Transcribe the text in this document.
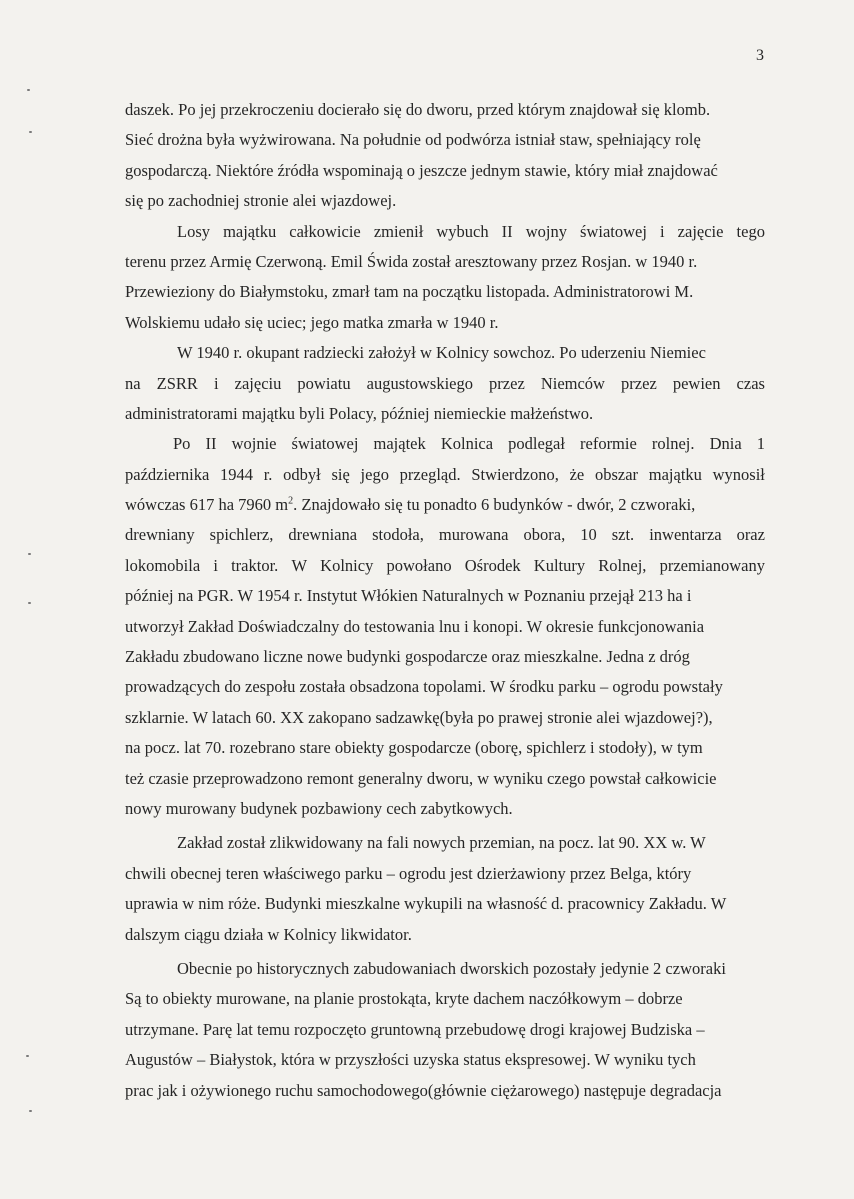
3
daszek. Po jej przekroczeniu docierało się do dworu, przed którym znajdował się klomb.
Sieć drożna była wyżwirowana. Na południe od podwórza istniał staw, spełniający rolę
gospodarczą. Niektóre źródła wspominają o jeszcze jednym stawie, który miał znajdować
się po zachodniej stronie alei wjazdowej.
Losy majątku całkowicie zmienił wybuch II wojny światowej i zajęcie tego
terenu przez Armię Czerwoną. Emil Świda został aresztowany przez Rosjan. w 1940 r.
Przewieziony do Białymstoku, zmarł tam na początku listopada. Administratorowi M.
Wolskiemu udało się uciec; jego matka zmarła w 1940 r.
W 1940 r. okupant radziecki założył w Kolnicy sowchoz. Po uderzeniu Niemiec
na ZSRR i zajęciu powiatu augustowskiego przez Niemców przez pewien czas
administratorami majątku byli Polacy, później niemieckie małżeństwo.
Po II wojnie światowej majątek Kolnica podlegał reformie rolnej. Dnia 1
października 1944 r. odbył się jego przegląd. Stwierdzono, że obszar majątku wynosił
wówczas 617 ha 7960 $m^2$. Znajdowało się tu ponadto 6 budynków - dwór, 2 czworaki,
drewniany spichlerz, drewniana stodoła, murowana obora, 10 szt. inwentarza oraz
lokomobila i traktor. W Kolnicy powołano Ośrodek Kultury Rolnej, przemianowany
później na PGR. W 1954 r. Instytut Włókien Naturalnych w Poznaniu przejął 213 ha i
utworzył Zakład Doświadczalny do testowania lnu i konopi. W okresie funkcjonowania
Zakładu zbudowano liczne nowe budynki gospodarcze oraz mieszkalne. Jedna z dróg
prowadzących do zespołu została obsadzona topolami. W środku parku – ogrodu powstały
szklarnie. W latach 60. XX zakopano sadzawkę(była po prawej stronie alei wjazdowej?),
na pocz. lat 70. rozebrano stare obiekty gospodarcze (oborę, spichlerz i stodoły), w tym
też czasie przeprowadzono remont generalny dworu, w wyniku czego powstał całkowicie
nowy murowany budynek pozbawiony cech zabytkowych.
Zakład został zlikwidowany na fali nowych przemian, na pocz. lat 90. XX w. W
chwili obecnej teren właściwego parku – ogrodu jest dzierżawiony przez Belga, który
uprawia w nim róże. Budynki mieszkalne wykupili na własność d. pracownicy Zakładu. W
dalszym ciągu działa w Kolnicy likwidator.
Obecnie po historycznych zabudowaniach dworskich pozostały jedynie 2 czworaki
Są to obiekty murowane, na planie prostokąta, kryte dachem naczółkowym – dobrze
utrzymane. Parę lat temu rozpoczęto gruntowną przebudowę drogi krajowej Budziska –
Augustów – Białystok, która w przyszłości uzyska status ekspresowej. W wyniku tych
prac jak i ożywionego ruchu samochodowego(głównie ciężarowego) następuje degradacja
